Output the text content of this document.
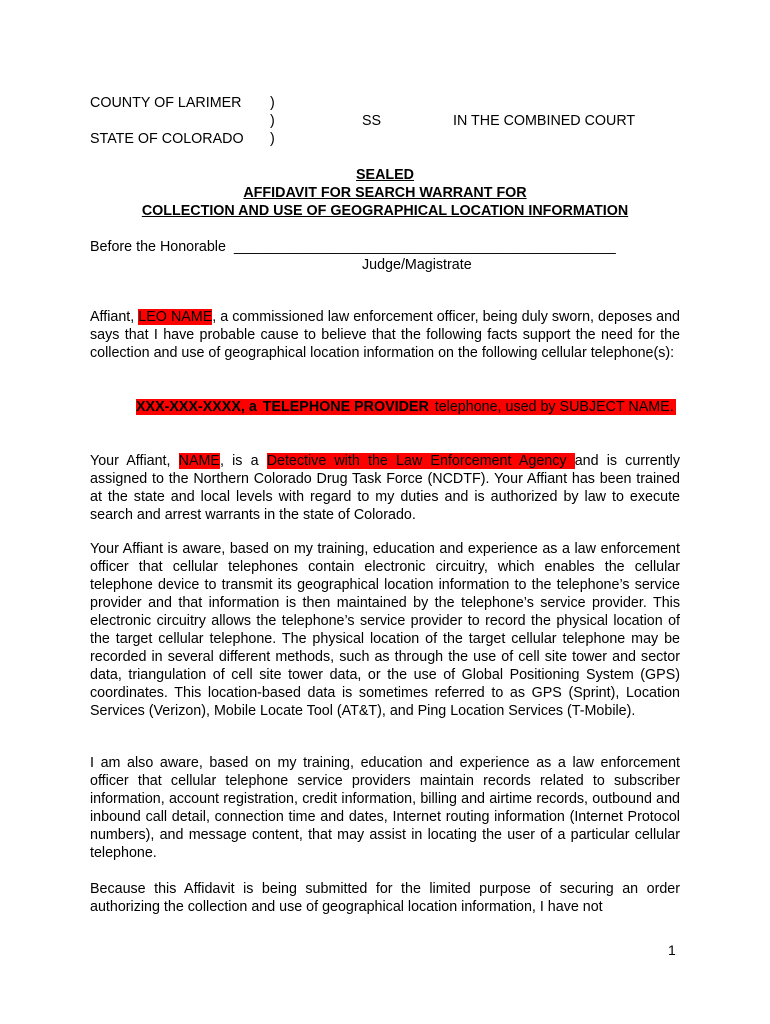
COUNTY OF LARIMER )
)	SS	IN THE COMBINED COURT
STATE OF COLORADO )
SEALED
AFFIDAVIT FOR SEARCH WARRANT FOR
COLLECTION AND USE OF GEOGRAPHICAL LOCATION INFORMATION
Before the Honorable ________________________________________________
Judge/Magistrate
Affiant, LEO NAME, a commissioned law enforcement officer, being duly sworn, deposes and says that I have probable cause to believe that the following facts support the need for the collection and use of geographical location information on the following cellular telephone(s):
XXX-XXX-XXXX, a TELEPHONE PROVIDER telephone, used by SUBJECT NAME.
Your Affiant, NAME, is a Detective with the Law Enforcement Agency and is currently assigned to the Northern Colorado Drug Task Force (NCDTF). Your Affiant has been trained at the state and local levels with regard to my duties and is authorized by law to execute search and arrest warrants in the state of Colorado.
Your Affiant is aware, based on my training, education and experience as a law enforcement officer that cellular telephones contain electronic circuitry, which enables the cellular telephone device to transmit its geographical location information to the telephone’s service provider and that information is then maintained by the telephone’s service provider. This electronic circuitry allows the telephone’s service provider to record the physical location of the target cellular telephone. The physical location of the target cellular telephone may be recorded in several different methods, such as through the use of cell site tower and sector data, triangulation of cell site tower data, or the use of Global Positioning System (GPS) coordinates. This location-based data is sometimes referred to as GPS (Sprint), Location Services (Verizon), Mobile Locate Tool (AT&T), and Ping Location Services (T-Mobile).
I am also aware, based on my training, education and experience as a law enforcement officer that cellular telephone service providers maintain records related to subscriber information, account registration, credit information, billing and airtime records, outbound and inbound call detail, connection time and dates, Internet routing information (Internet Protocol numbers), and message content, that may assist in locating the user of a particular cellular telephone.
Because this Affidavit is being submitted for the limited purpose of securing an order authorizing the collection and use of geographical location information, I have not
1
